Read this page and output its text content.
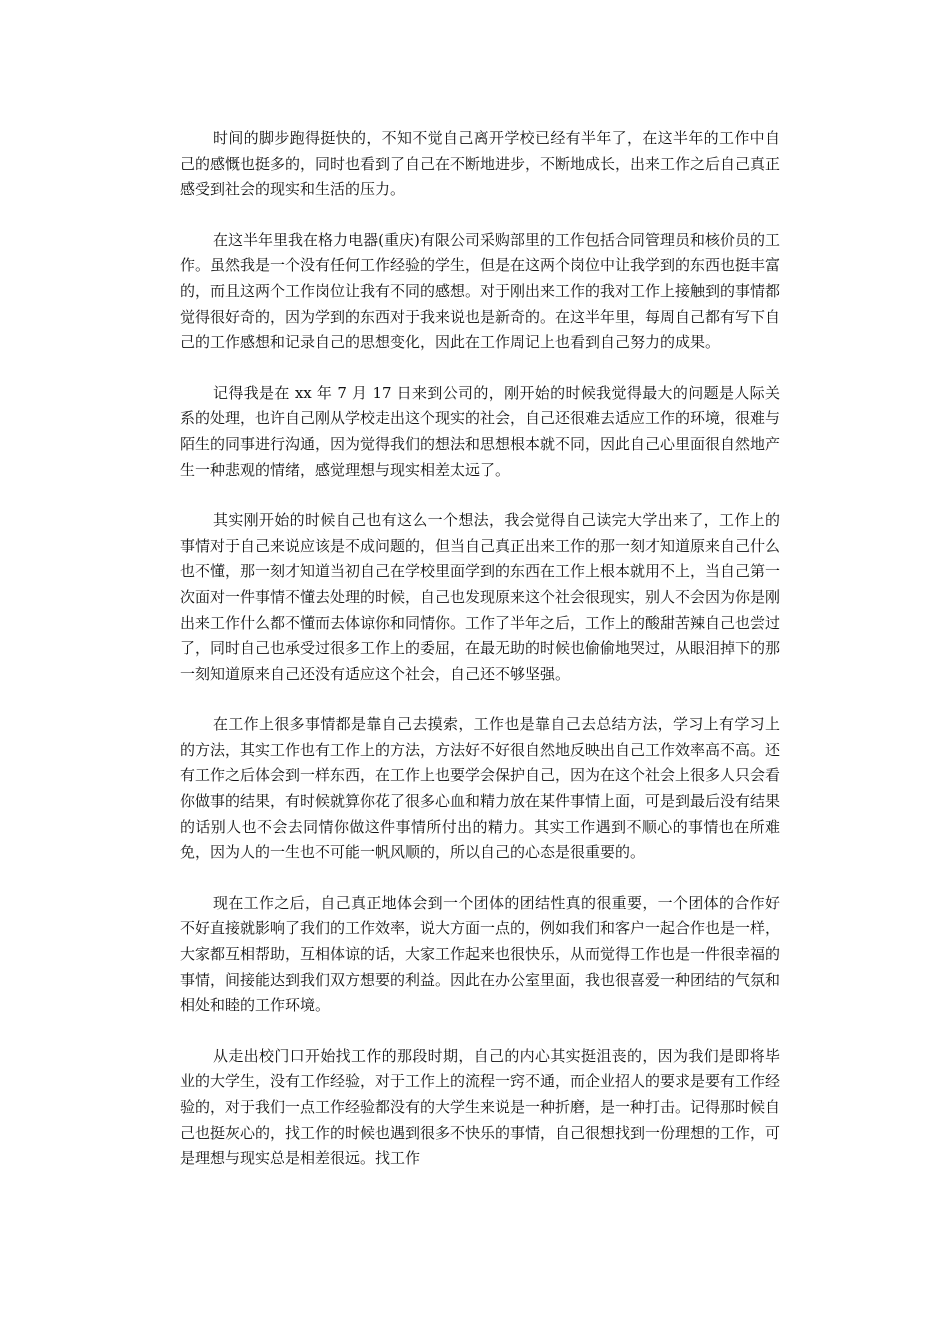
时间的脚步跑得挺快的，不知不觉自己离开学校已经有半年了，在这半年的工作中自己的感慨也挺多的，同时也看到了自己在不断地进步，不断地成长，出来工作之后自己真正感受到社会的现实和生活的压力。

在这半年里我在格力电器(重庆)有限公司采购部里的工作包括合同管理员和核价员的工作。虽然我是一个没有任何工作经验的学生，但是在这两个岗位中让我学到的东西也挺丰富的，而且这两个工作岗位让我有不同的感想。对于刚出来工作的我对工作上接触到的事情都觉得很好奇的，因为学到的东西对于我来说也是新奇的。在这半年里，每周自己都有写下自己的工作感想和记录自己的思想变化，因此在工作周记上也看到自己努力的成果。

记得我是在 xx 年 7 月 17 日来到公司的，刚开始的时候我觉得最大的问题是人际关系的处理，也许自己刚从学校走出这个现实的社会，自己还很难去适应工作的环境，很难与陌生的同事进行沟通，因为觉得我们的想法和思想根本就不同，因此自己心里面很自然地产生一种悲观的情绪，感觉理想与现实相差太远了。

其实刚开始的时候自己也有这么一个想法，我会觉得自己读完大学出来了，工作上的事情对于自己来说应该是不成问题的，但当自己真正出来工作的那一刻才知道原来自己什么也不懂，那一刻才知道当初自己在学校里面学到的东西在工作上根本就用不上，当自己第一次面对一件事情不懂去处理的时候，自己也发现原来这个社会很现实，别人不会因为你是刚出来工作什么都不懂而去体谅你和同情你。工作了半年之后，工作上的酸甜苦辣自己也尝过了，同时自己也承受过很多工作上的委屈，在最无助的时候也偷偷地哭过，从眼泪掉下的那一刻知道原来自己还没有适应这个社会，自己还不够坚强。

在工作上很多事情都是靠自己去摸索，工作也是靠自己去总结方法，学习上有学习上的方法，其实工作也有工作上的方法，方法好不好很自然地反映出自己工作效率高不高。还有工作之后体会到一样东西，在工作上也要学会保护自己，因为在这个社会上很多人只会看你做事的结果，有时候就算你花了很多心血和精力放在某件事情上面，可是到最后没有结果的话别人也不会去同情你做这件事情所付出的精力。其实工作遇到不顺心的事情也在所难免，因为人的一生也不可能一帆风顺的，所以自己的心态是很重要的。

现在工作之后，自己真正地体会到一个团体的团结性真的很重要，一个团体的合作好不好直接就影响了我们的工作效率，说大方面一点的，例如我们和客户一起合作也是一样，大家都互相帮助，互相体谅的话，大家工作起来也很快乐，从而觉得工作也是一件很幸福的事情，间接能达到我们双方想要的利益。因此在办公室里面，我也很喜爱一种团结的气氛和相处和睦的工作环境。

从走出校门口开始找工作的那段时期，自己的内心其实挺沮丧的，因为我们是即将毕业的大学生，没有工作经验，对于工作上的流程一窍不通，而企业招人的要求是要有工作经验的，对于我们一点工作经验都没有的大学生来说是一种折磨，是一种打击。记得那时候自己也挺灰心的，找工作的时候也遇到很多不快乐的事情，自己很想找到一份理想的工作，可是理想与现实总是相差很远。找工作
